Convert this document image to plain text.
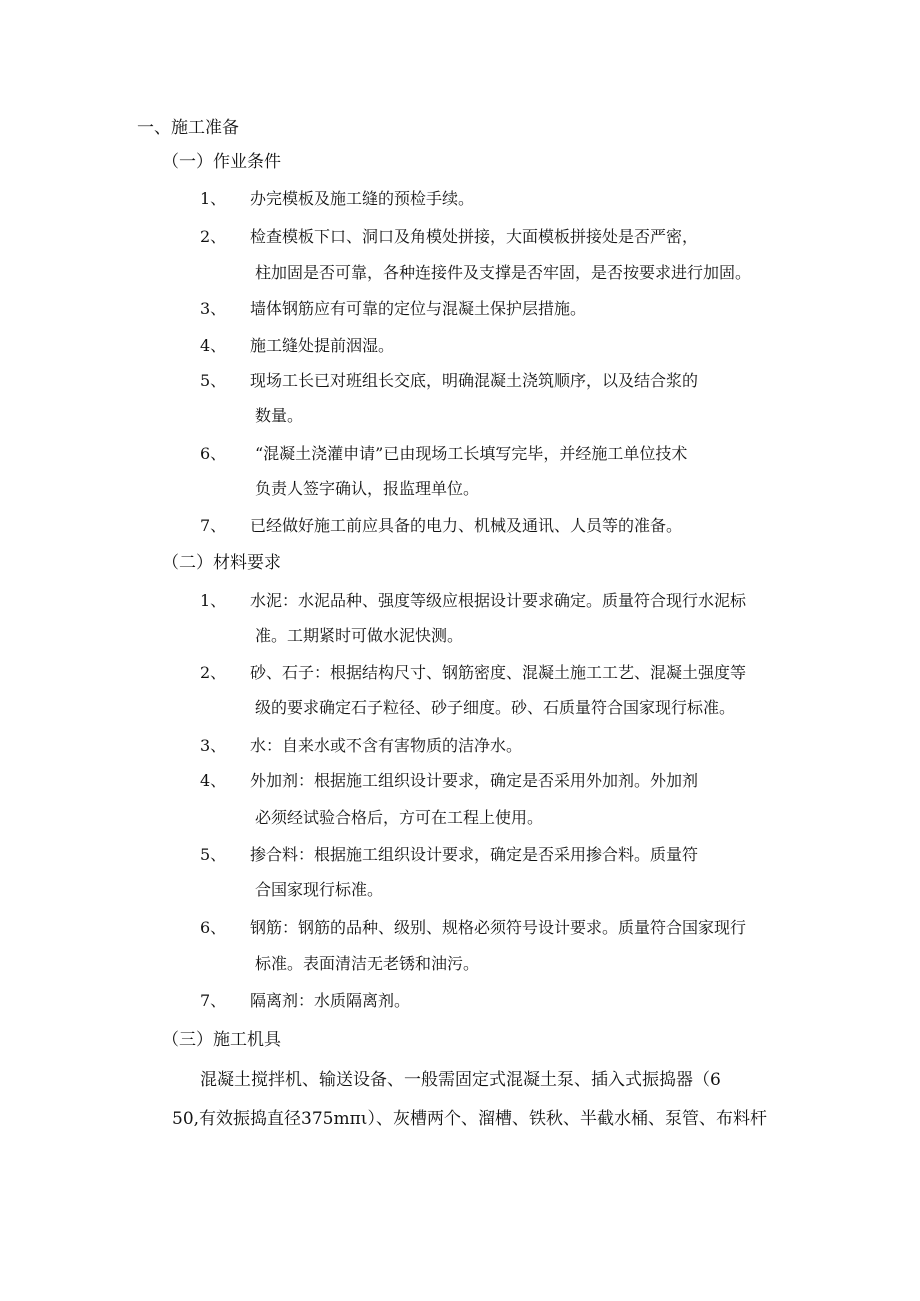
一、施工准备
（一）作业条件
1、 办完模板及施工缝的预检手续。
2、 检查模板下口、洞口及角模处拼接，大面模板拼接处是否严密，
柱加固是否可靠，各种连接件及支撑是否牢固，是否按要求进行加固。
3、 墙体钢筋应有可靠的定位与混凝土保护层措施。
4、 施工缝处提前洇湿。
5、 现场工长已对班组长交底，明确混凝土浇筑顺序，以及结合浆的
数量。
6、 “混凝土浇灌申请”已由现场工长填写完毕，并经施工单位技术
负责人签字确认，报监理单位。
7、 已经做好施工前应具备的电力、机械及通讯、人员等的准备。
（二）材料要求
1、 水泥：水泥品种、强度等级应根据设计要求确定。质量符合现行水泥标
准。工期紧时可做水泥快测。
2、 砂、石子：根据结构尺寸、钢筋密度、混凝土施工工艺、混凝土强度等
级的要求确定石子粒径、砂子细度。砂、石质量符合国家现行标准。
3、 水：自来水或不含有害物质的洁净水。
4、 外加剂：根据施工组织设计要求，确定是否采用外加剂。外加剂
必须经试验合格后，方可在工程上使用。
5、 掺合料：根据施工组织设计要求，确定是否采用掺合料。质量符
合国家现行标准。
6、 钢筋：钢筋的品种、级别、规格必须符号设计要求。质量符合国家现行
标准。表面清洁无老锈和油污。
7、 隔离剂：水质隔离剂。
（三）施工机具
混凝土搅拌机、输送设备、一般需固定式混凝土泵、插入式振捣器（6
50,有效振捣直径375mπι）、灰槽两个、溜槽、铁秋、半截水桶、泵管、布料杆
